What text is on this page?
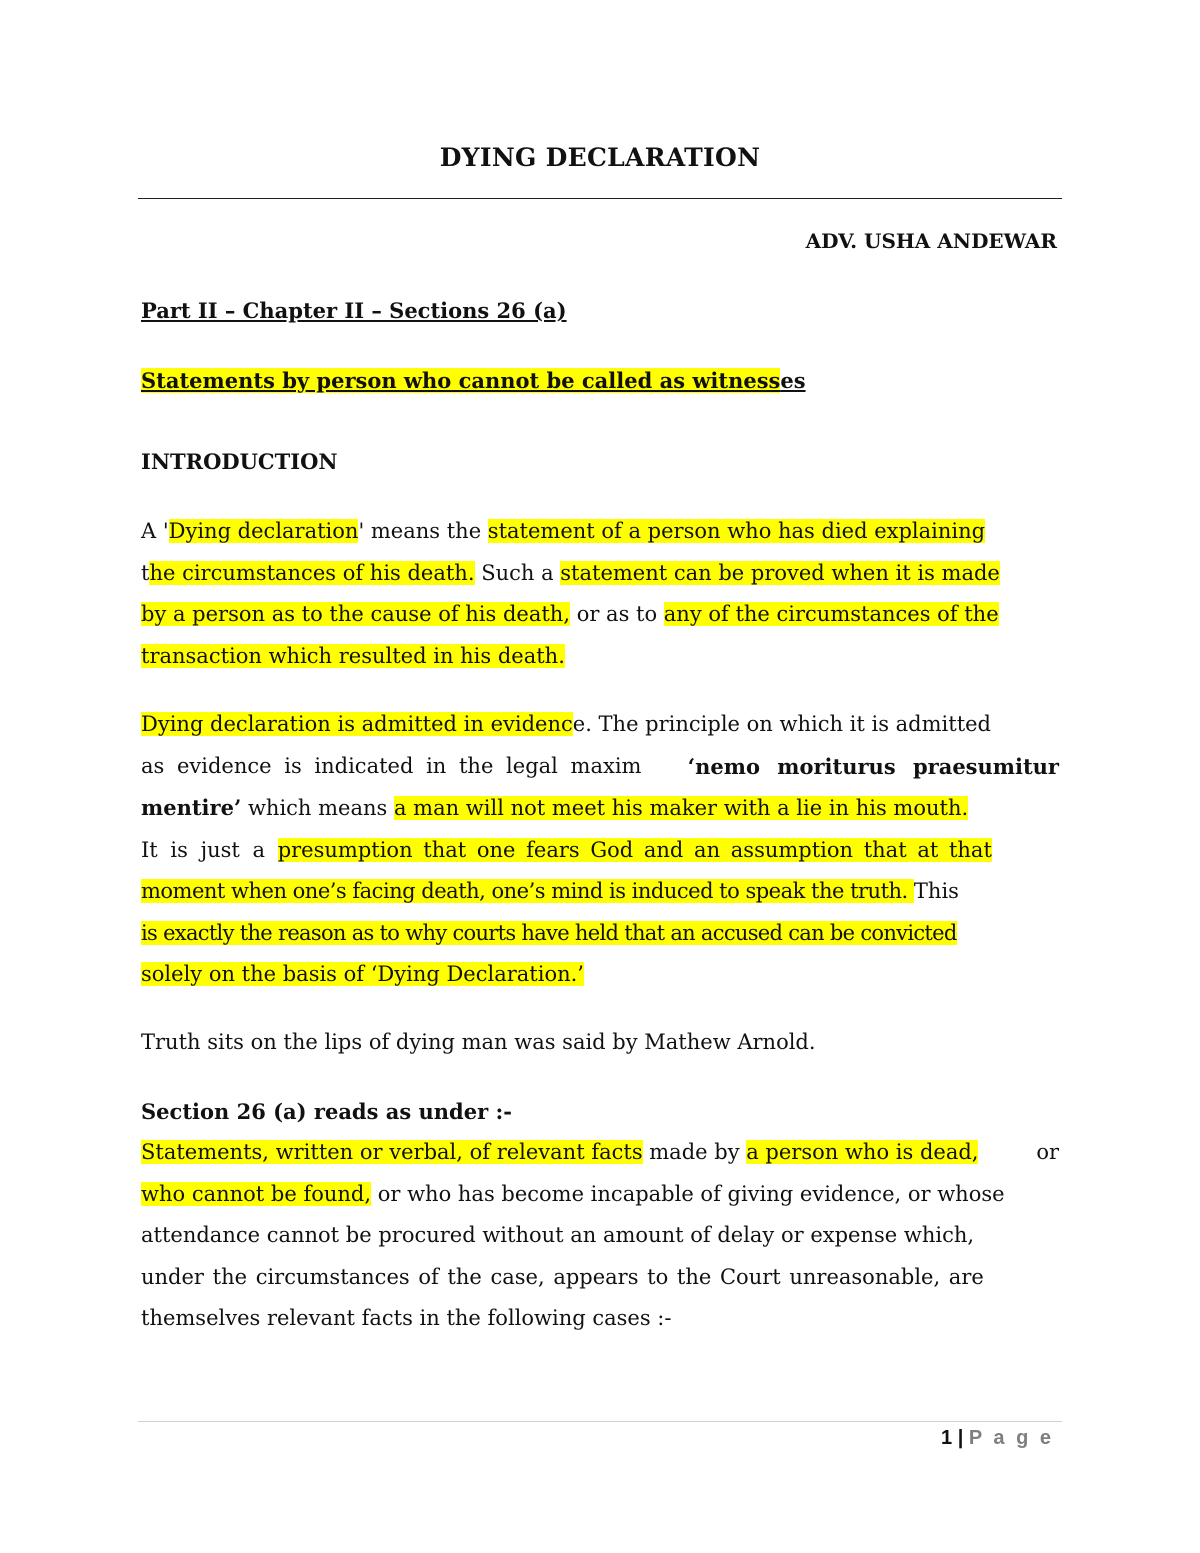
DYING DECLARATION
ADV. USHA ANDEWAR
Part II – Chapter II – Sections 26 (a)
Statements by person who cannot be called as witnesses
INTRODUCTION
A 'Dying declaration' means the statement of a person who has died explaining
the circumstances of his death. Such a statement can be proved when it is made
by a person as to the cause of his death, or as to any of the circumstances of the
transaction which resulted in his death.
Dying declaration is admitted in evidence. The principle on which it is admitted
as evidence is indicated in the legal maxim ‘nemo moriturus praesumitur
mentire’ which means a man will not meet his maker with a lie in his mouth.
It is just a presumption that one fears God and an assumption that at that
moment when one’s facing death, one’s mind is induced to speak the truth. This
is exactly the reason as to why courts have held that an accused can be convicted
solely on the basis of ‘Dying Declaration.’
Truth sits on the lips of dying man was said by Mathew Arnold.
Section 26 (a) reads as under :-
Statements, written or verbal, of relevant facts made by a person who is dead,	or
who cannot be found, or who has become incapable of giving evidence, or whose
attendance cannot be procured without an amount of delay or expense which,
under the circumstances of the case, appears to the Court unreasonable, are
themselves relevant facts in the following cases :-
1 | P a g e
